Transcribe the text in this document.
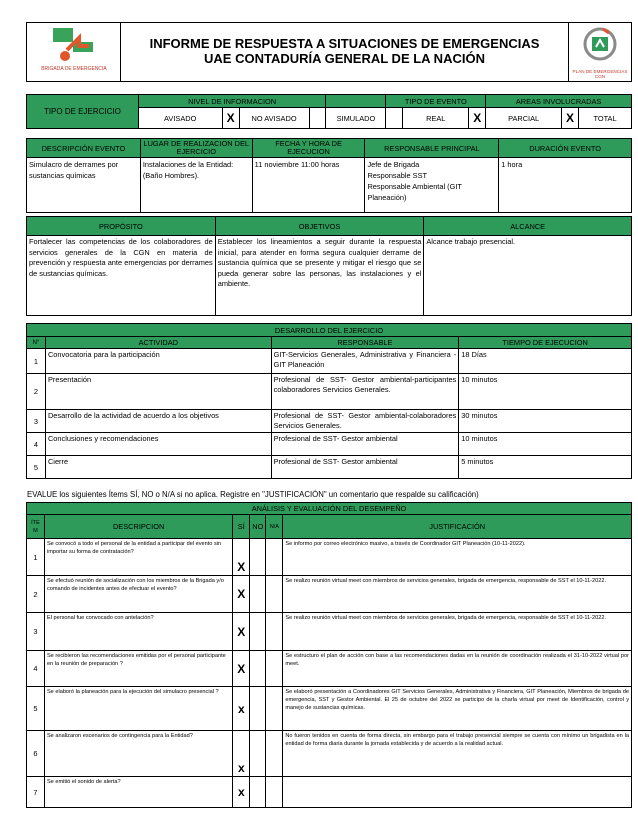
BRIGADA DE EMERGENCIA
INFORME DE RESPUESTA A SITUACIONES DE EMERGENCIAS
UAE CONTADURÍA GENERAL DE LA NACIÓN
PLAN DE EMERGENCIAS CGN
TIPO DE EJERCICIO	NIVEL DE INFORMACION					TIPO DE EVENTO			AREAS INVOLUCRADAS		
	AVISADO	X	NO AVISADO		SIMULADO		REAL	X	PARCIAL	X	TOTAL
DESCRIPCIÓN EVENTO	LUGAR DE REALIZACION DEL EJERCICIO	FECHA Y HORA DE EJECUCION	RESPONSABLE PRINCIPAL	DURACIÓN EVENTO
Simulacro de derrames por sustancias químicas	Instalaciones de la Entidad: (Baño Hombres).	11 noviembre 11:00 horas	Jefe de Brigada
Responsable SST
Responsable Ambiental (GIT Planeación)	1 hora
PROPÓSITO	OBJETIVOS	ALCANCE
Fortalecer las competencias de los colaboradores de servicios generales de la CGN en materia de prevención y respuesta ante emergencias por derrames de sustancias químicas.	Establecer los lineamientos a seguir durante la respuesta inicial, para atender en forma segura cualquier derrame de sustancia química que se presente y mitigar el riesgo que se pueda generar sobre las personas, las instalaciones y el ambiente.	Alcance trabajo presencial.
DESARROLLO DEL EJERCICIO			
N°	ACTIVIDAD	RESPONSABLE	TIEMPO DE EJECUCION
1	Convocatoria para la participación	GIT-Servicios Generales, Administrativa y Financiera - GIT Planeación	18 Días
2	Presentación	Profesional de SST- Gestor ambiental-participantes colaboradores Servicios Generales.	10 minutos
3	Desarrollo de la actividad de acuerdo a los objetivos	Profesional de SST- Gestor ambiental-colaboradores Servicios Generales.	30 minutos
4	Conclusiones y recomendaciones	Profesional de SST- Gestor ambiental	10 minutos
5	Cierre	Profesional de SST- Gestor ambiental	5 minutos
EVALUE los siguientes Ítems SÍ, NO o N/A si no aplica. Registre en "JUSTIFICACIÓN" un comentario que respalde su calificación)
ANÁLISIS Y EVALUACIÓN DEL DESEMPEÑO					
ÍTEM	DESCRIPCION	SÍ	NO	N/A	JUSTIFICACIÓN
1	Se convocó a todo el personal de la entidad a participar del evento sin importar su forma de contratación?	X			Se informo por correo electrónico masivo, a través de Coordinador GIT Planeación (10-11-2022).
2	Se efectuó reunión de socialización con los miembros de la Brigada y/o comando de incidentes antes de efectuar el evento?	X			Se realizo reunión virtual meet con miembros de servicios generales, brigada de emergencia, responsable de SST el 10-11-2022.
3	El personal fue convocado con antelación?	X			Se realizo reunión virtual meet con miembros de servicios generales, brigada de emergencia, responsable de SST el 10-11-2022.
4	Se recibieron las recomendaciones emitidas por el personal participante en la reunión de preparación ?	X			Se estructuro el plan de acción con base a las recomendaciones dadas en la reunión de coordinación realizada el 31-10-2022 virtual por meet.
5	Se elaboró la planeación para la ejecución del simulacro presencial ?	x			Se elaboró presentación a Coordinadores GIT Servicios Generales, Administrativa y Financiera, GIT Planeación, Miembros de brigada de emergencia, SST y Gestor Ambiental. El 25 de octubre del 2022 se participo de la charla virtual por meet de Identificación, control y manejo de sustancias químicas.
6	Se analizaron escenarios de contingencia para la Entidad?	x			No fueron tenidos en cuenta de forma directa, sin embargo para el trabajo presencial siempre se cuenta con mínimo un brigadista en la entidad de forma diaria durante la jornada establecida y de acuerdo a la realidad actual.
7	Se emitió el sonido de alerta?	x			
